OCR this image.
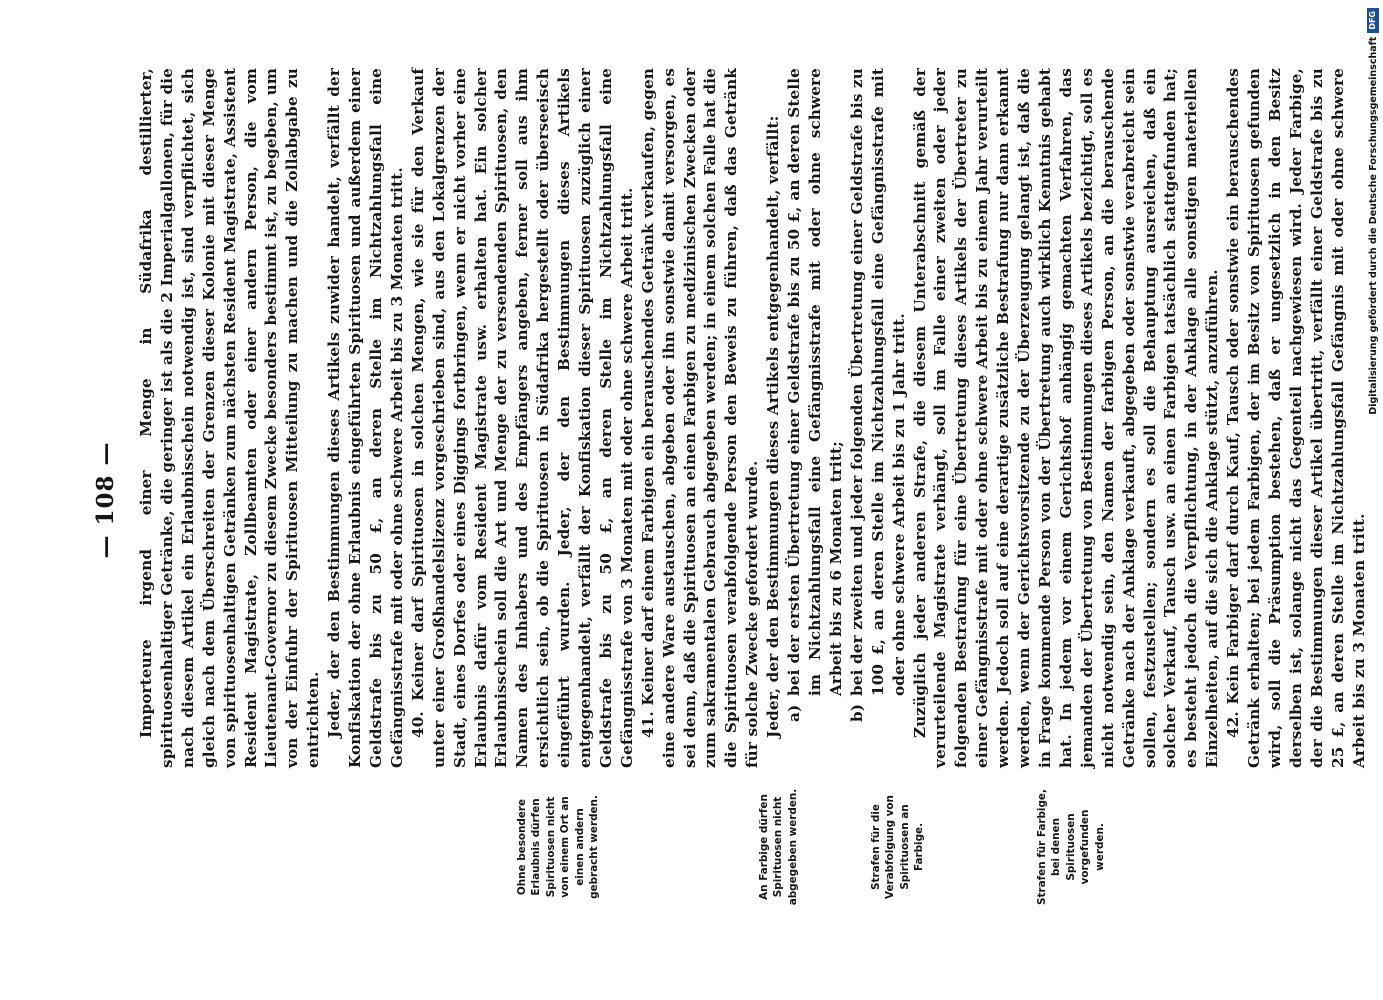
— 108 — Importeure irgend einer Menge in Südafrika destillierter, spirituosenhaltiger Getränke, die geringer ist als die 2 Imperialgallonen, für die nach diesem Artikel ein Erlaubnisschein notwendig ist, sind verpflichtet, sich gleich nach dem Überschreiten der Grenzen dieser Kolonie mit dieser Menge von spirituosenhaltigen Getränken zum nächsten Resident Magistrate, Assistent Resident Magistrate, Zollbeamten oder einer andern Person, die vom Lieutenant-Governor zu diesem Zwecke besonders bestimmt ist, zu begeben, um von der Einfuhr der Spirituosen Mitteilung zu machen und die Zollabgabe zu entrichten. Jeder, der den Bestimmungen dieses Artikels zuwider handelt, verfällt der Konfiskation der ohne Erlaubnis eingeführten Spirituosen und außerdem einer Geldstrafe bis zu 50 £, an deren Stelle im Nichtzahlungsfall eine Gefängnisstrafe mit oder ohne schwere Arbeit bis zu 3 Monaten tritt. 40. Keiner darf Spirituosen in solchen Mengen, wie sie für den Verkauf unter einer Großhandelslizenz vorgeschrieben sind, aus den Lokalgrenzen der Stadt, eines Dorfes oder eines Diggings fortbringen, wenn er nicht vorher eine Erlaubnis dafür vom Resident Magistrate usw. erhalten hat. Ein solcher Erlaubnisschein soll die Art und Menge der zu versendenden Spirituosen, den Namen des Inhabers und des Empfängers angeben, ferner soll aus ihm ersichtlich sein, ob die Spirituosen in Südafrika hergestellt oder überseeisch eingeführt wurden. Jeder, der den Bestimmungen dieses Artikels entgegenhandelt, verfällt der Konfiskation dieser Spirituosen zuzüglich einer Geldstrafe bis zu 50 £, an deren Stelle im Nichtzahlungsfall eine Gefängnisstrafe von 3 Monaten mit oder ohne schwere Arbeit tritt. 41. Keiner darf einem Farbigen ein berauschendes Getränk verkaufen, gegen eine andere Ware austauschen, abgeben oder ihn sonstwie damit versorgen, es sei denn, daß die Spirituosen an einen Farbigen zu medizinischen Zwecken oder zum sakramentalen Gebrauch abgegeben werden; in einem solchen Falle hat die die Spirituosen verabfolgende Person den Beweis zu führen, daß das Getränk für solche Zwecke gefordert wurde. Jeder, der den Bestimmungen dieses Artikels entgegenhandelt, verfällt: a)bei der ersten Übertretung einer Geldstrafe bis zu 50 £, an deren Stelle im Nichtzahlungsfall eine Gefängnisstrafe mit oder ohne schwere Arbeit bis zu 6 Monaten tritt;

b)bei der zweiten und jeder folgenden Übertretung einer Geldstrafe bis zu 100 £, an deren Stelle im Nichtzahlungsfall eine Gefängnisstrafe mit oder ohne schwere Arbeit bis zu 1 Jahr tritt. Zuzüglich jeder anderen Strafe, die diesem Unterabschnitt gemäß der verurteilende Magistrate verhängt, soll im Falle einer zweiten oder jeder folgenden Bestrafung für eine Übertretung dieses Artikels der Übertreter zu einer Gefängnisstrafe mit oder ohne schwere Arbeit bis zu einem Jahr verurteilt werden. Jedoch soll auf eine derartige zusätzliche Bestrafung nur dann erkannt werden, wenn der Gerichtsvorsitzende zu der Überzeugung gelangt ist, daß die in Frage kommende Person von der Übertretung auch wirklich Kenntnis gehabt hat. In jedem vor einem Gerichtshof anhängig gemachten Verfahren, das jemanden der Übertretung von Bestimmungen dieses Artikels bezichtigt, soll es nicht notwendig sein, den Namen der farbigen Person, an die berauschende Getränke nach der Anklage verkauft, abgegeben oder sonstwie verabreicht sein sollen, festzustellen; sondern es soll die Behauptung ausreichen, daß ein solcher Verkauf, Tausch usw. an einen Farbigen tatsächlich stattgefunden hat; es besteht jedoch die Verpflichtung, in der Anklage alle sonstigen materiellen Einzelheiten, auf die sich die Anklage stützt, anzuführen. 42. Kein Farbiger darf durch Kauf, Tausch oder sonstwie ein berauschendes Getränk erhalten; bei jedem Farbigen, der im Besitz von Spirituosen gefunden wird, soll die Präsumption bestehen, daß er ungesetzlich in den Besitz derselben ist, solange nicht das Gegenteil nachgewiesen wird. Jeder Farbige, der die Bestimmungen dieser Artikel übertritt, verfällt einer Geldstrafe bis zu 25 £, an deren Stelle im Nichtzahlungsfall Gefängnis mit oder ohne schwere Arbeit bis zu 3 Monaten tritt.

Ohne besondere Erlaubnis dürfen Spirituosen nicht von einem Ort an einen andern gebracht werden.	An Farbige dürfen Spirituosen nicht abgegeben werden.	Strafen für die Verabfolgung von Spirituosen an Farbige.	Strafen für Farbige, bei denen Spirituosen vorgefunden werden.
Digitalisierung gefördert durch die Deutsche Forschungsgemeinschaft
DFG
